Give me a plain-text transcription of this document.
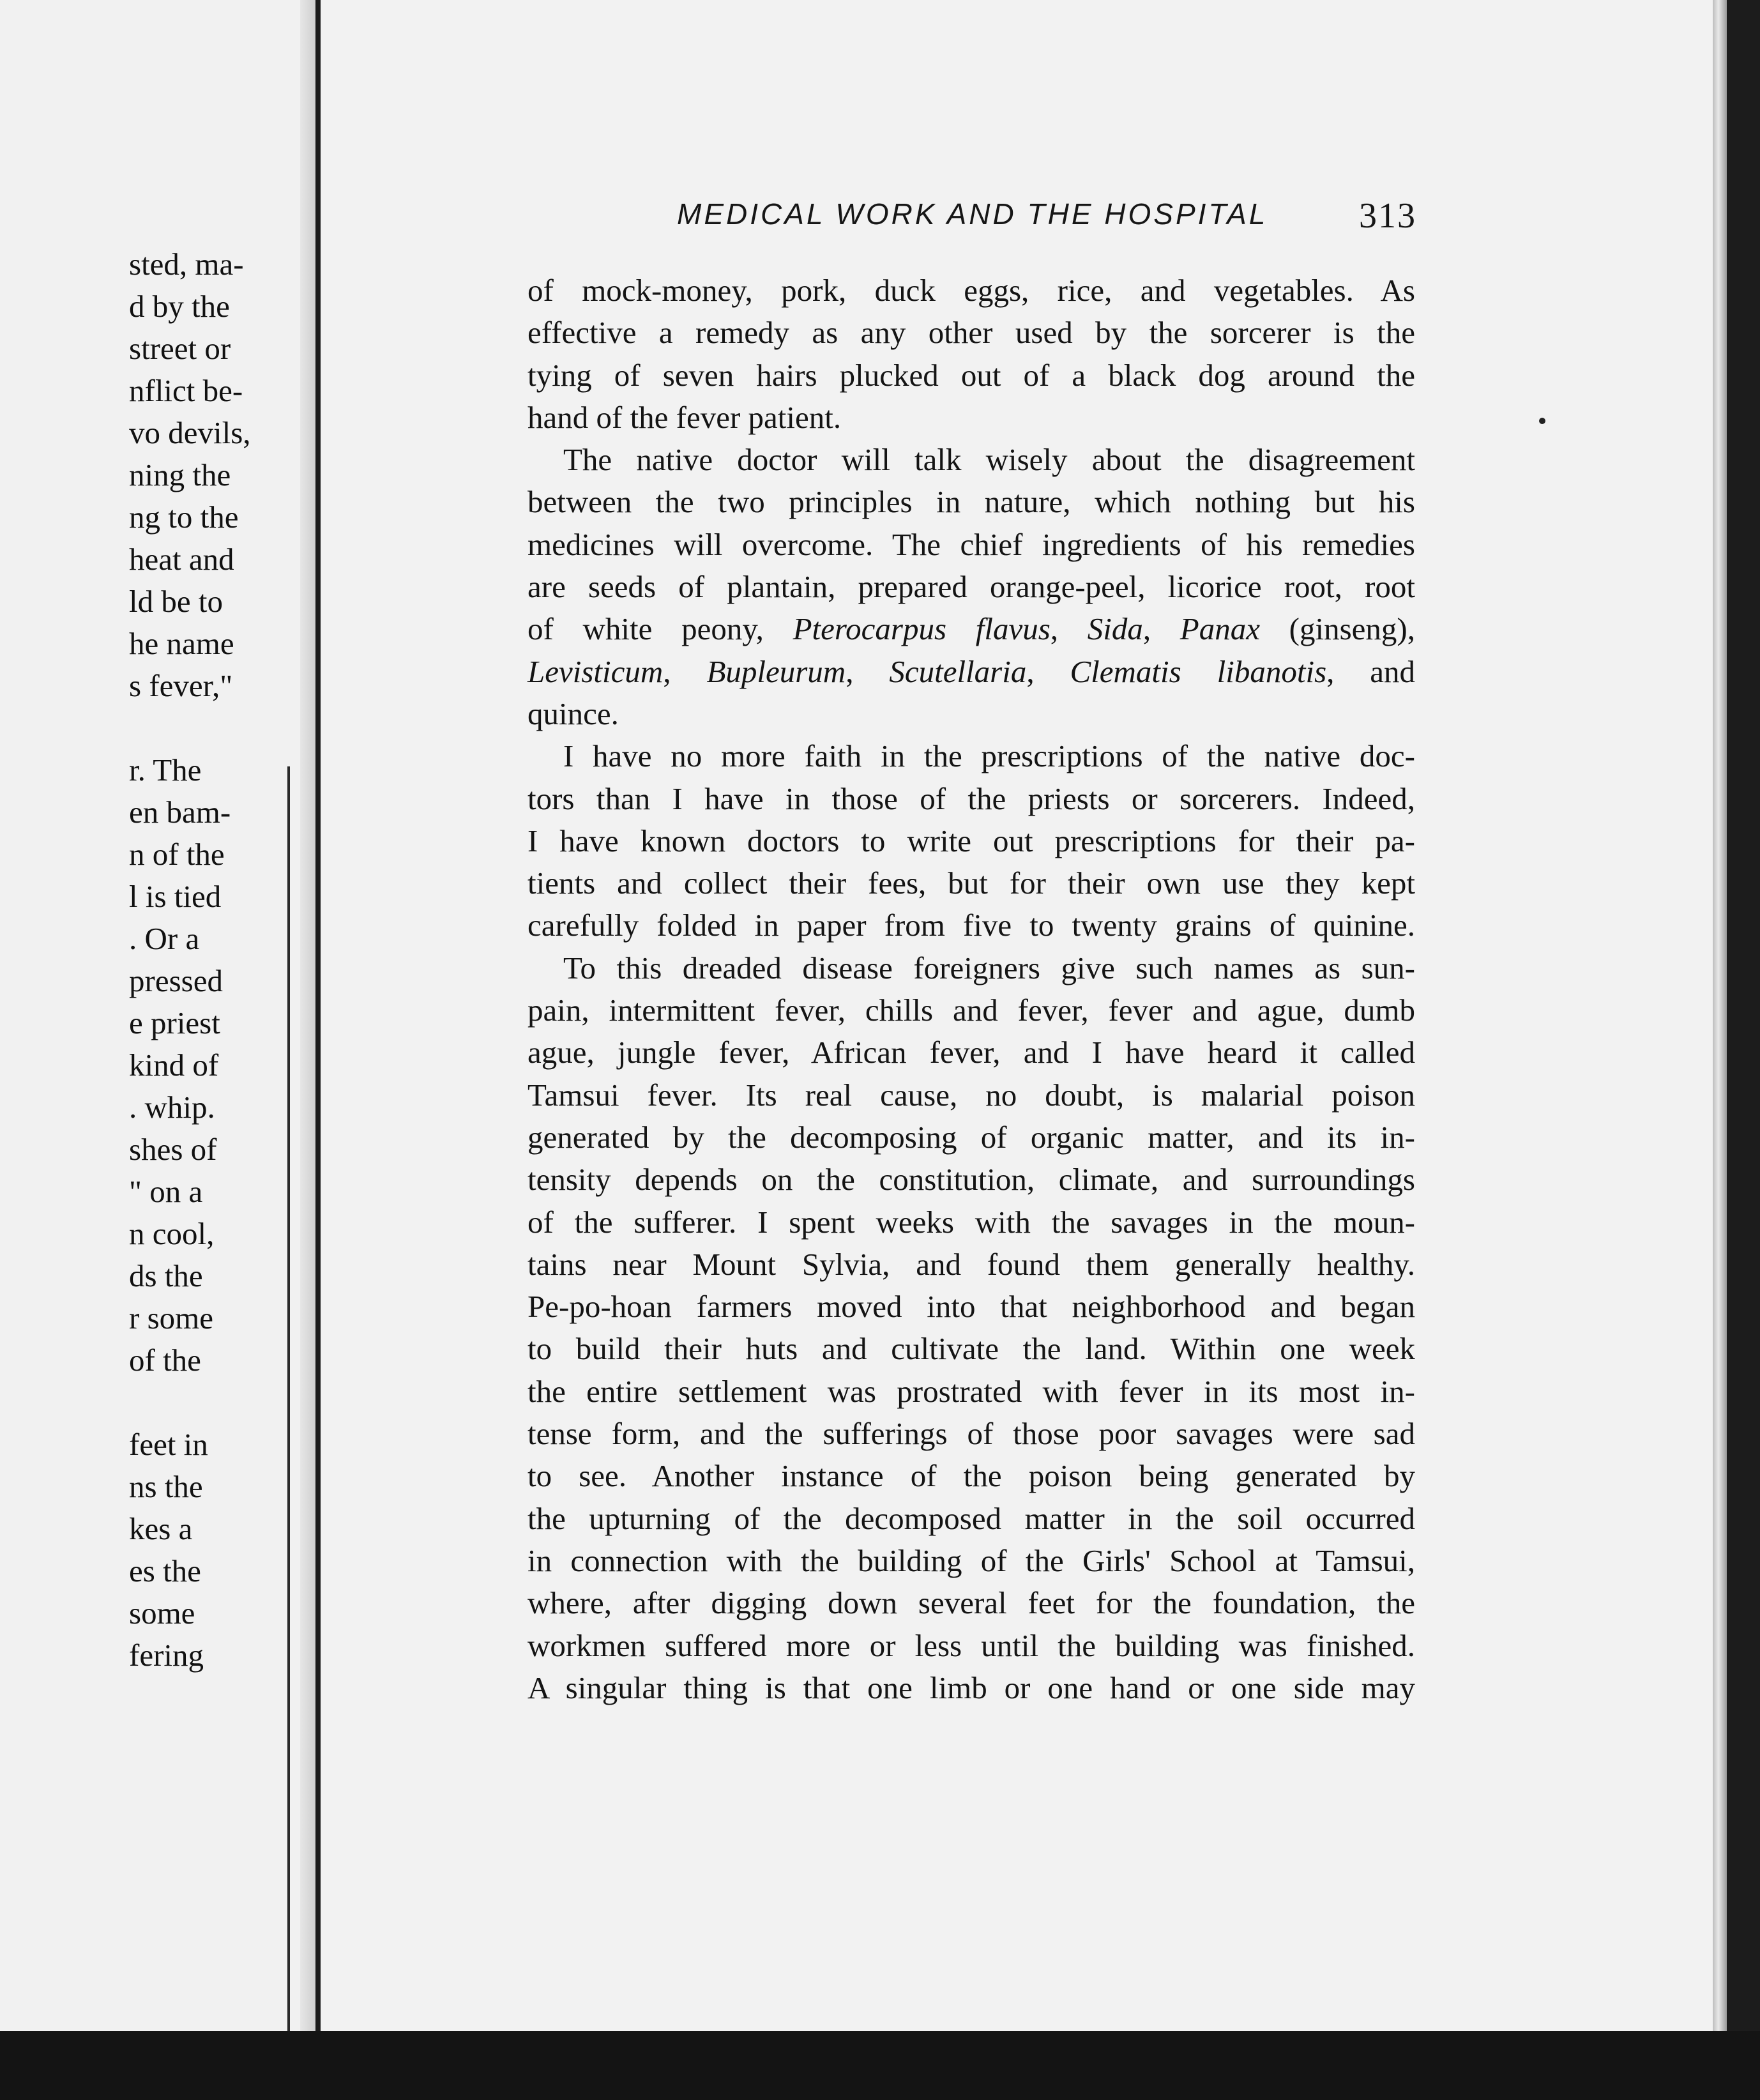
sted, ma-
d by the
street or
nflict be-
vo devils,
ning the
ng to the
heat and
ld be to
he name
s fever,"
r. The
en bam-
n of the
l is tied
. Or a
pressed
e priest
kind of
. whip.
shes of
" on a
n cool,
ds the
r some
of the
feet in
ns the
kes a
es the
some
fering
MEDICAL WORK AND THE HOSPITAL	313
of mock-money, pork, duck eggs, rice, and vegetables. As
effective a remedy as any other used by the sorcerer is the
tying of seven hairs plucked out of a black dog around the
hand of the fever patient.
The native doctor will talk wisely about the disagreement
between the two principles in nature, which nothing but his
medicines will overcome. The chief ingredients of his remedies
are seeds of plantain, prepared orange-peel, licorice root, root
of white peony, Pterocarpus flavus, Sida, Panax (ginseng),
Levisticum, Bupleurum, Scutellaria, Clematis libanotis, and
quince.
I have no more faith in the prescriptions of the native doc-
tors than I have in those of the priests or sorcerers. Indeed,
I have known doctors to write out prescriptions for their pa-
tients and collect their fees, but for their own use they kept
carefully folded in paper from five to twenty grains of quinine.
To this dreaded disease foreigners give such names as sun-
pain, intermittent fever, chills and fever, fever and ague, dumb
ague, jungle fever, African fever, and I have heard it called
Tamsui fever. Its real cause, no doubt, is malarial poison
generated by the decomposing of organic matter, and its in-
tensity depends on the constitution, climate, and surroundings
of the sufferer. I spent weeks with the savages in the moun-
tains near Mount Sylvia, and found them generally healthy.
Pe-po-hoan farmers moved into that neighborhood and began
to build their huts and cultivate the land. Within one week
the entire settlement was prostrated with fever in its most in-
tense form, and the sufferings of those poor savages were sad
to see. Another instance of the poison being generated by
the upturning of the decomposed matter in the soil occurred
in connection with the building of the Girls' School at Tamsui,
where, after digging down several feet for the foundation, the
workmen suffered more or less until the building was finished.
A singular thing is that one limb or one hand or one side may
